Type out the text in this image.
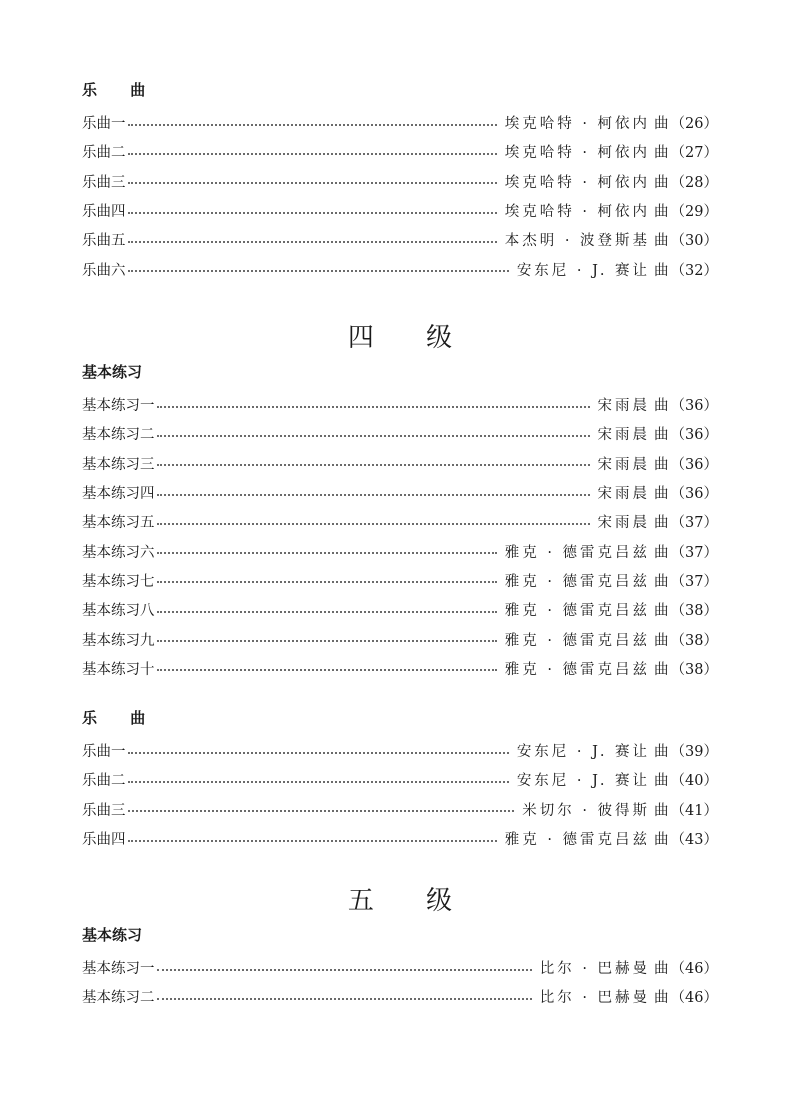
乐 曲
乐曲一	埃克哈特 · 柯依内 曲 （26）
乐曲二	埃克哈特 · 柯依内 曲 （27）
乐曲三	埃克哈特 · 柯依内 曲 （28）
乐曲四	埃克哈特 · 柯依内 曲 （29）
乐曲五	本杰明 · 波登斯基 曲 （30）
乐曲六	安东尼 · J. 赛让 曲 （32）
四 级
基本练习
基本练习一	宋雨晨 曲 （36）
基本练习二	宋雨晨 曲 （36）
基本练习三	宋雨晨 曲 （36）
基本练习四	宋雨晨 曲 （36）
基本练习五	宋雨晨 曲 （37）
基本练习六	雅克 · 德雷克吕兹 曲 （37）
基本练习七	雅克 · 德雷克吕兹 曲 （37）
基本练习八	雅克 · 德雷克吕兹 曲 （38）
基本练习九	雅克 · 德雷克吕兹 曲 （38）
基本练习十	雅克 · 德雷克吕兹 曲 （38）
乐 曲
乐曲一	安东尼 · J. 赛让 曲 （39）
乐曲二	安东尼 · J. 赛让 曲 （40）
乐曲三	米切尔 · 彼得斯 曲 （41）
乐曲四	雅克 · 德雷克吕兹 曲 （43）
五 级
基本练习
基本练习一	比尔 · 巴赫曼 曲 （46）
基本练习二	比尔 · 巴赫曼 曲 （46）
